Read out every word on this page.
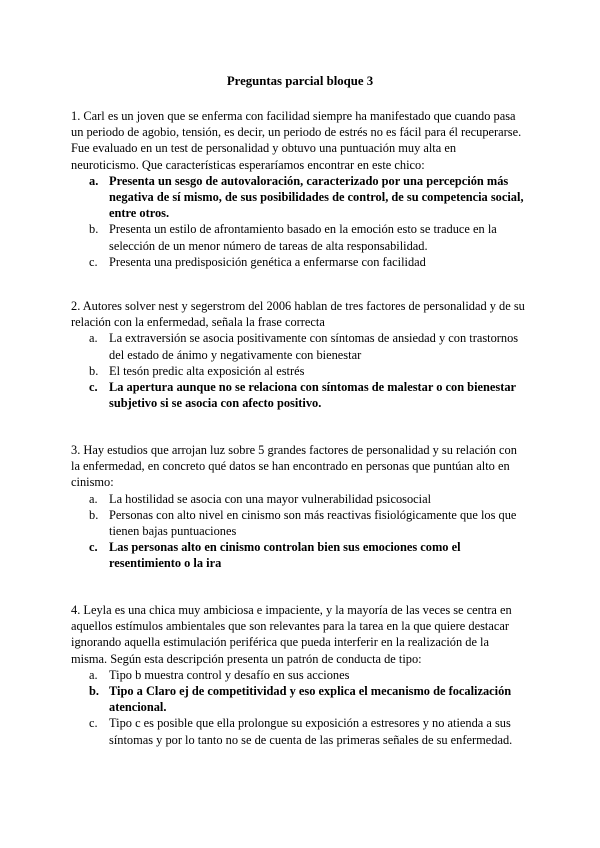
Preguntas parcial bloque 3

1. Carl es un joven que se enferma con facilidad siempre ha manifestado que cuando pasa un periodo de agobio, tensión, es decir, un periodo de estrés no es fácil para él recuperarse. Fue evaluado en un test de personalidad y obtuvo una puntuación muy alta en neuroticismo. Que características esperaríamos encontrar en este chico:

a. Presenta un sesgo de autovaloración, caracterizado por una percepción más negativa de sí mismo, de sus posibilidades de control, de su competencia social, entre otros.
b. Presenta un estilo de afrontamiento basado en la emoción esto se traduce en la selección de un menor número de tareas de alta responsabilidad.
c. Presenta una predisposición genética a enfermarse con facilidad

2. Autores solver nest y segerstrom del 2006 hablan de tres factores de personalidad y de su relación con la enfermedad, señala la frase correcta

a. La extraversión se asocia positivamente con síntomas de ansiedad y con trastornos del estado de ánimo y negativamente con bienestar
b. El tesón predic alta exposición al estrés
c. La apertura aunque no se relaciona con síntomas de malestar o con bienestar subjetivo si se asocia con afecto positivo.

3. Hay estudios que arrojan luz sobre 5 grandes factores de personalidad y su relación con la enfermedad, en concreto qué datos se han encontrado en personas que puntúan alto en cinismo:

a. La hostilidad se asocia con una mayor vulnerabilidad psicosocial
b. Personas con alto nivel en cinismo son más reactivas fisiológicamente que los que tienen bajas puntuaciones
c. Las personas alto en cinismo controlan bien sus emociones como el resentimiento o la ira

4. Leyla es una chica muy ambiciosa e impaciente, y la mayoría de las veces se centra en aquellos estímulos ambientales que son relevantes para la tarea en la que quiere destacar ignorando aquella estimulación periférica que pueda interferir en la realización de la misma. Según esta descripción presenta un patrón de conducta de tipo:

a. Tipo b muestra control y desafío en sus acciones
b. Tipo a Claro ej de competitividad y eso explica el mecanismo de focalización atencional.
c. Tipo c es posible que ella prolongue su exposición a estresores y no atienda a sus síntomas y por lo tanto no se de cuenta de las primeras señales de su enfermedad.
